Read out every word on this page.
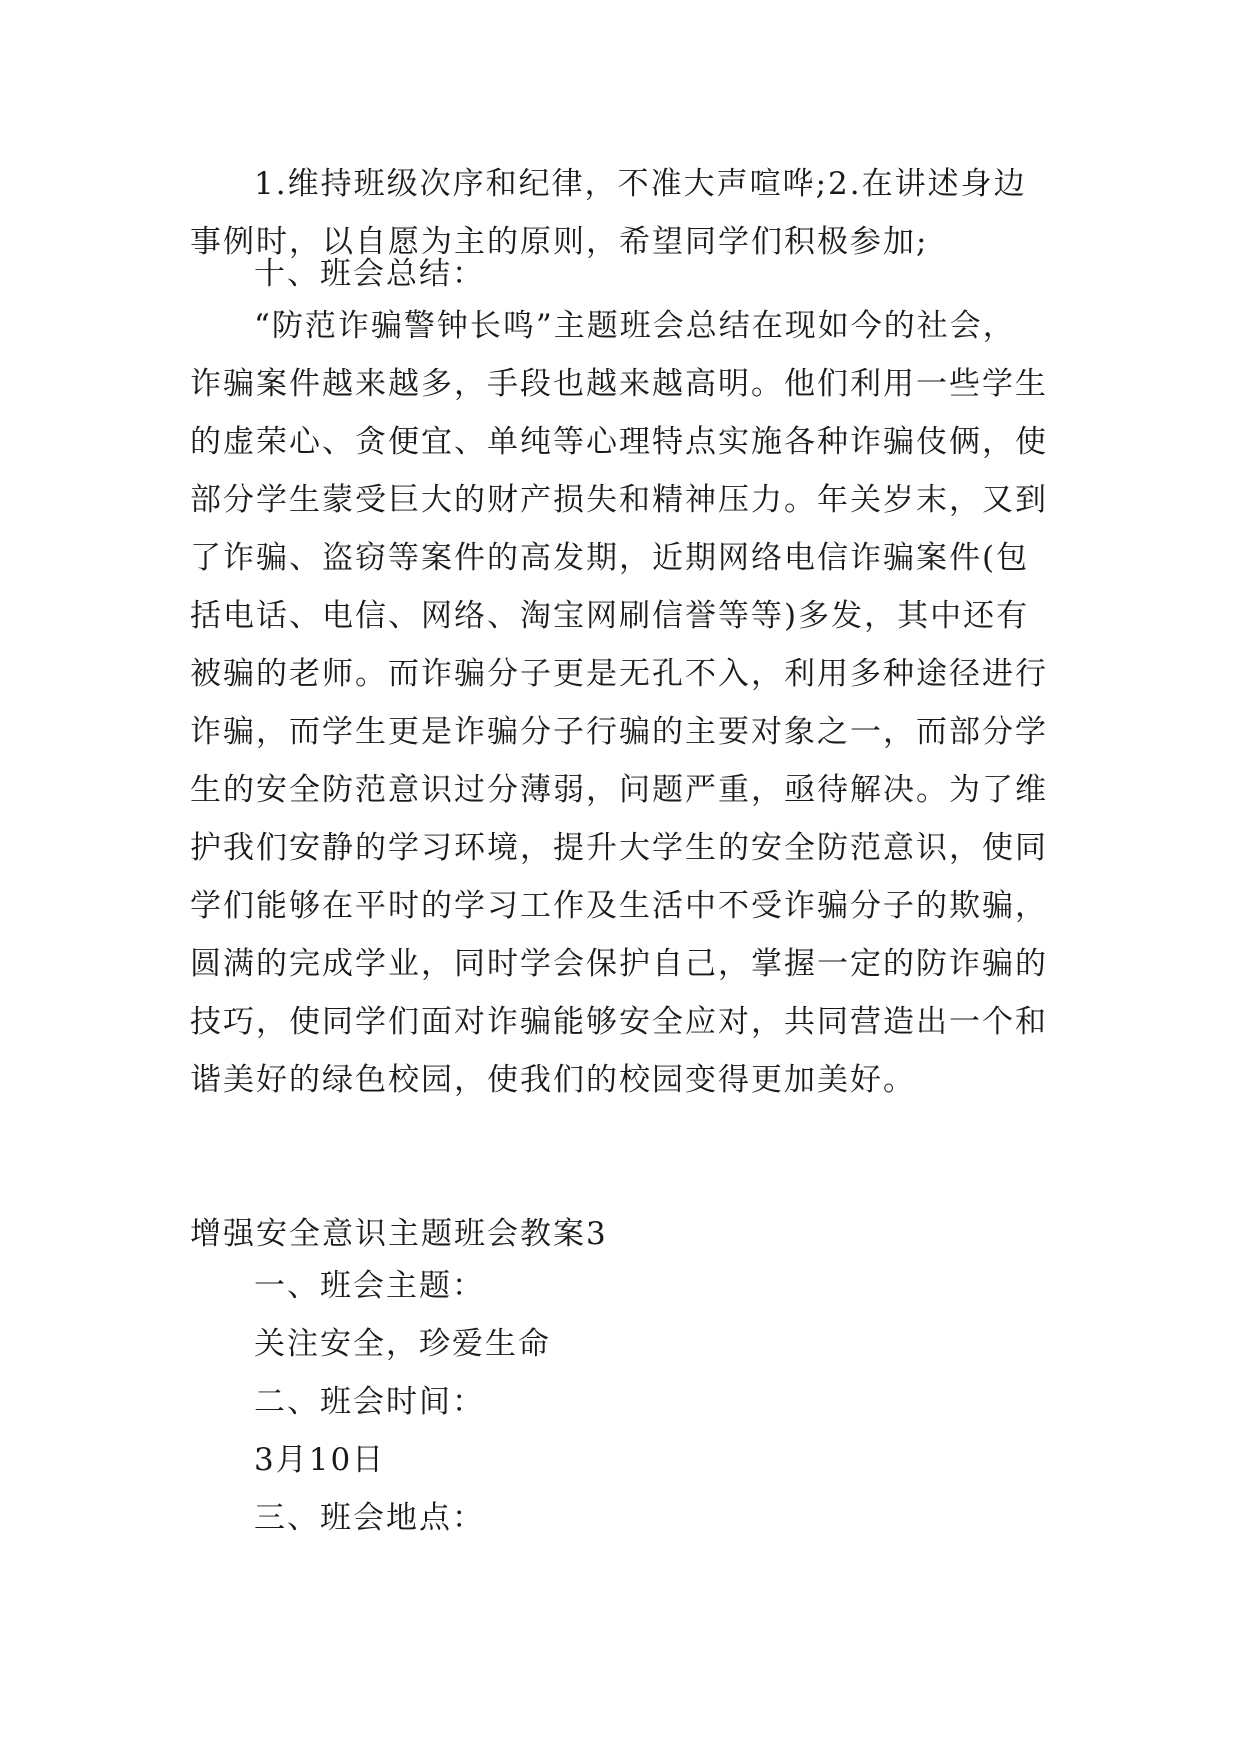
1.维持班级次序和纪律，不准大声喧哗;2.在讲述身边
事例时，以自愿为主的原则，希望同学们积极参加;
十、班会总结：
“防范诈骗警钟长鸣”主题班会总结在现如今的社会，
诈骗案件越来越多，手段也越来越高明。他们利用一些学生
的虚荣心、贪便宜、单纯等心理特点实施各种诈骗伎俩，使
部分学生蒙受巨大的财产损失和精神压力。年关岁末，又到
了诈骗、盗窃等案件的高发期，近期网络电信诈骗案件(包
括电话、电信、网络、淘宝网刷信誉等等)多发，其中还有
被骗的老师。而诈骗分子更是无孔不入，利用多种途径进行
诈骗，而学生更是诈骗分子行骗的主要对象之一，而部分学
生的安全防范意识过分薄弱，问题严重，亟待解决。为了维
护我们安静的学习环境，提升大学生的安全防范意识，使同
学们能够在平时的学习工作及生活中不受诈骗分子的欺骗，
圆满的完成学业，同时学会保护自己，掌握一定的防诈骗的
技巧，使同学们面对诈骗能够安全应对，共同营造出一个和
谐美好的绿色校园，使我们的校园变得更加美好。
增强安全意识主题班会教案3
一、班会主题：
关注安全，珍爱生命
二、班会时间：
3月10日
三、班会地点：
